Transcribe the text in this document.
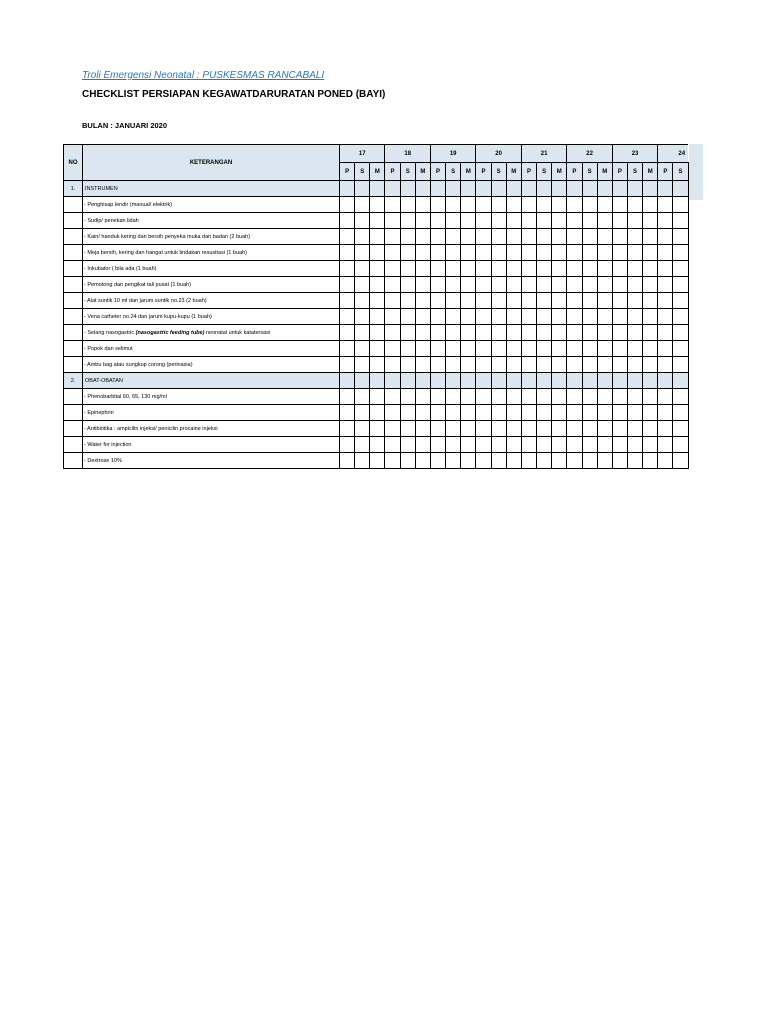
Troli Emergensi Neonatal : PUSKESMAS RANCABALI
CHECKLIST PERSIAPAN KEGAWATDARURATAN PONED (BAYI)
BULAN : JANUARI 2020
NO	KETERANGAN	17			18			19			20			21			22			23			24	
		P	S	M	P	S	M	P	S	M	P	S	M	P	S	M	P	S	M	P	S	M	P	S
1.	INSTRUMEN																							
	- Penghisap lendir (manual/ elektrik)																							
	- Sudip/ penekan lidah																							
	- Kain/ handuk kering dan bersih penyeka muka dan badan (2 buah)																							
	- Meja bersih, kering dan hangat untuk tindakan resusitasi (1 buah)																							
	- Inkubator ( bila ada (1 buah)																							
	- Pemotong dan pengikat tali pusat (1 buah)																							
	- Alat suntik 10 ml dan jarum suntik no.23 (2 buah)																							
	- Vena catheter no.24 dan jarum kupu-kupu (1 buah)																							
	- Selang nasogastric (nasogastric feeding tube) neonatal untuk katatersasi																							
	- Popok dan selimut																							
	- Ambu bag atau sungkup corong (perinasia)																							
2.	OBAT-OBATAN																							
	- Phenobarbital 60, 65, 130 mg/ml																							
	- Epinephrin																							
	- Antibiotika : ampicilin injeksi/ penicilin procaine injeksi																							
	- Water for injection																							
	- Dextrose 10%																							
